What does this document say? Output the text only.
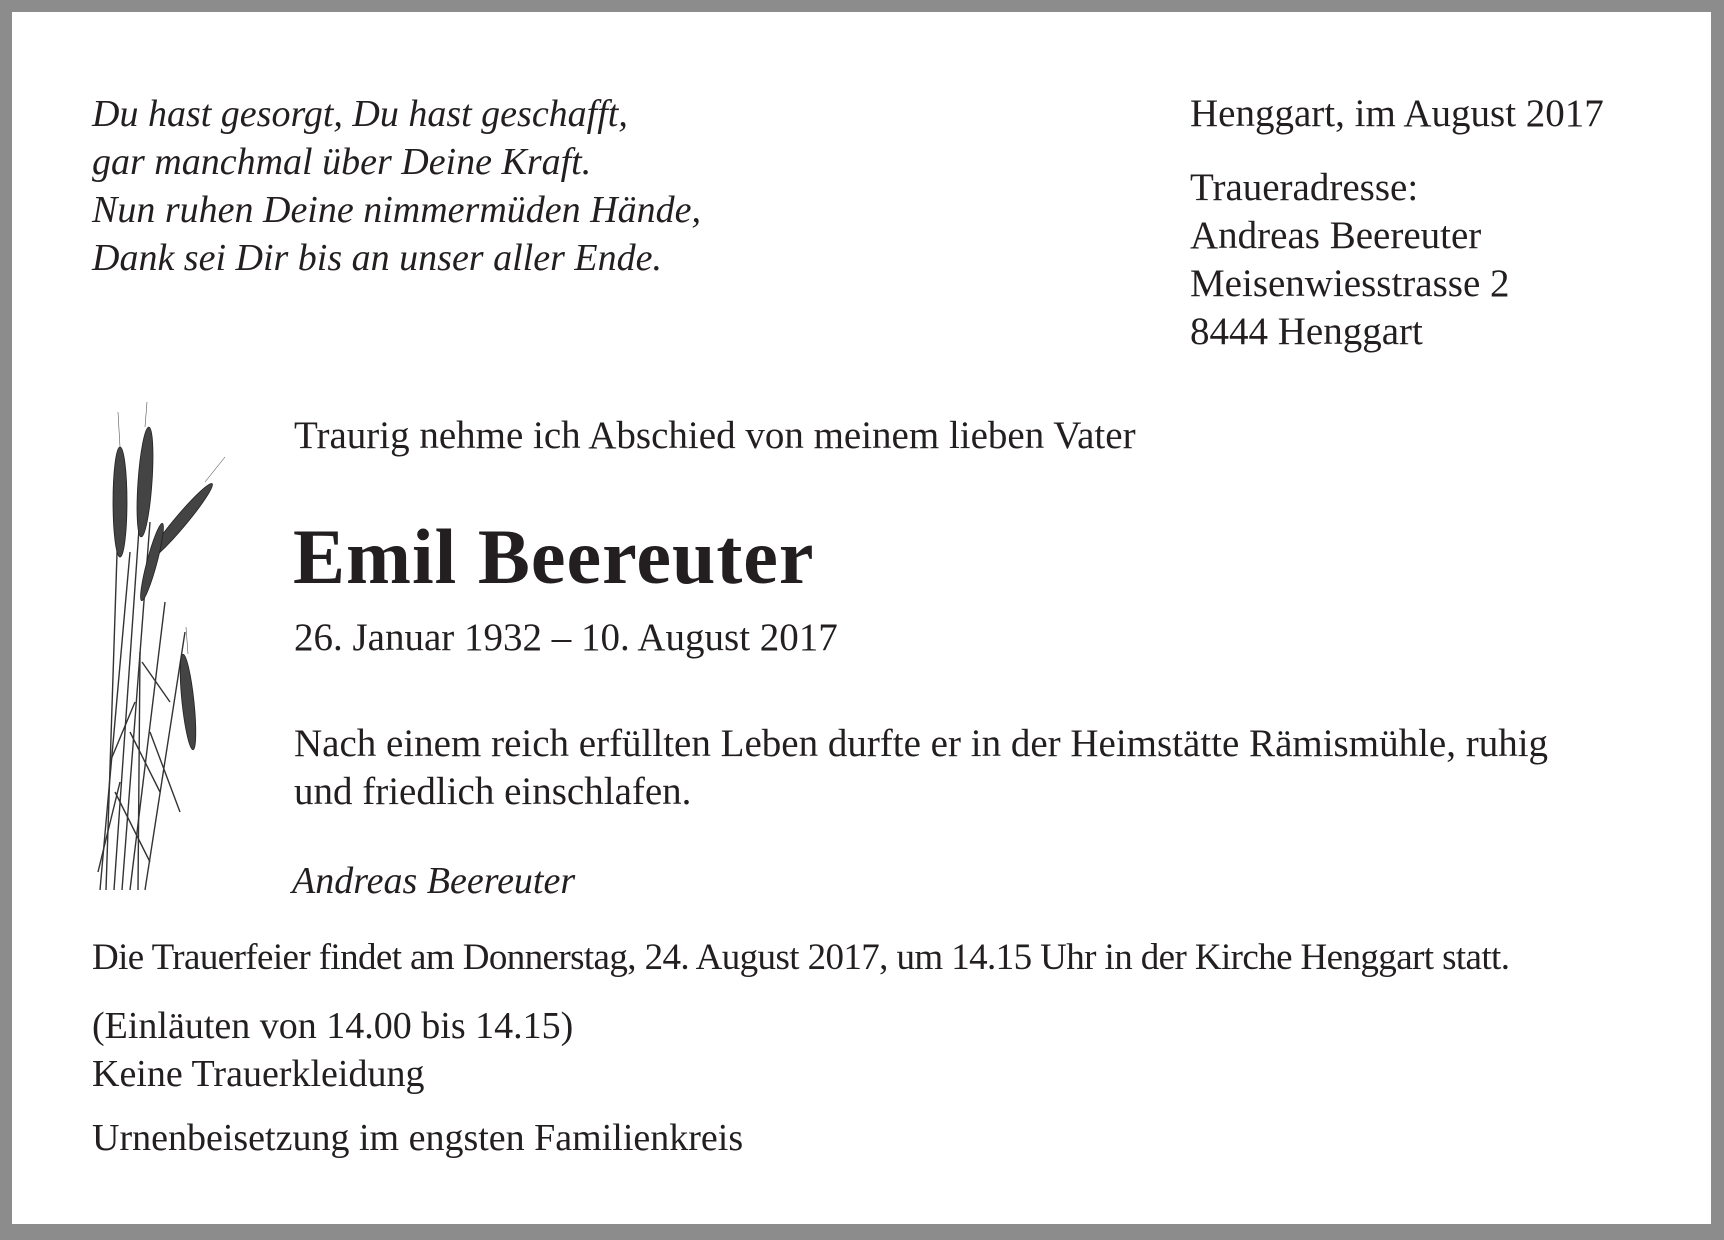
Du hast gesorgt, Du hast geschafft,
gar manchmal über Deine Kraft.
Nun ruhen Deine nimmermüden Hände,
Dank sei Dir bis an unser aller Ende.
Henggart, im August 2017
Traueradresse:
Andreas Beereuter
Meisenwiesstrasse 2
8444 Henggart
Traurig nehme ich Abschied von meinem lieben Vater
Emil Beereuter
26. Januar 1932 – 10. August 2017
Nach einem reich erfüllten Leben durfte er in der Heimstätte Rämismühle, ruhig
und friedlich einschlafen.
Andreas Beereuter
Die Trauerfeier findet am Donnerstag, 24. August 2017, um 14.15 Uhr in der Kirche Henggart statt.
(Einläuten von 14.00 bis 14.15)
Keine Trauerkleidung
Urnenbeisetzung im engsten Familienkreis
